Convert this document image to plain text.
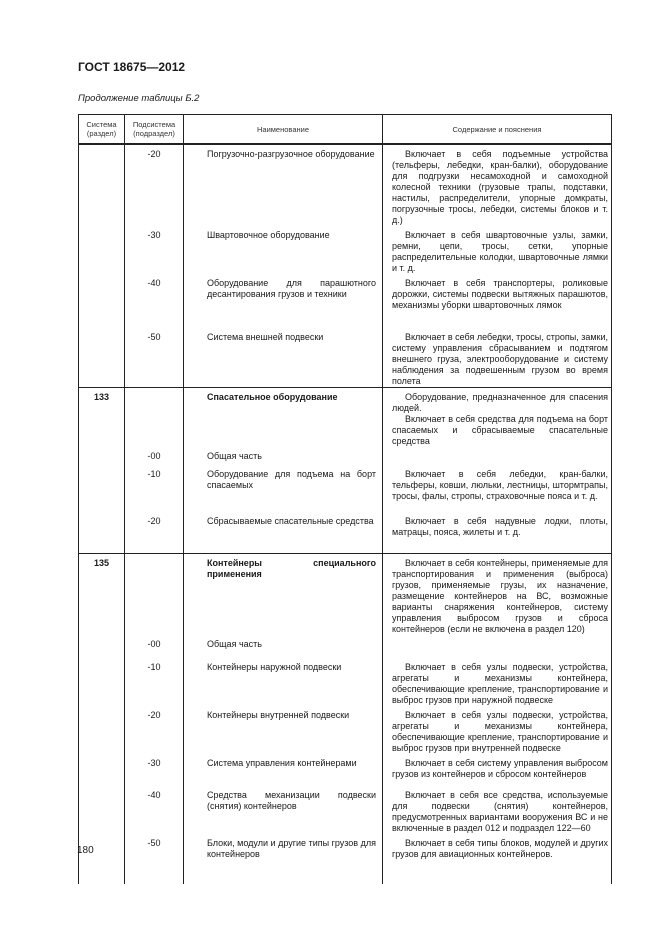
ГОСТ 18675—2012
Продолжение таблицы Б.2
Система (раздел)	Подсистема (подраздел)	Наименование	Содержание и пояснения
	-20	Погрузочно-разгрузочное оборудование	Включает в себя подъемные устройства (тельферы, лебедки, кран-балки), оборудование для подгрузки несамоходной и самоходной колесной техники (грузовые трапы, подставки, настилы, распределители, упорные домкраты, погрузочные тросы, лебедки, системы блоков и т. д.)

	-30	Швартовочное оборудование	Включает в себя швартовочные узлы, замки, ремни, цепи, тросы, сетки, упорные распределительные колодки, швартовочные лямки и т. д.

	-40	Оборудование для парашютного десантирования грузов и техники	Включает в себя транспортеры, роликовые дорожки, системы подвески вытяжных парашютов, механизмы уборки швартовочных лямок

	-50	Система внешней подвески	Включает в себя лебедки, тросы, стропы, замки, систему управления сбрасыванием и подтягом внешнего груза, электрооборудование и систему наблюдения за подвешенным грузом во время полета

133		Спасательное оборудование	Оборудование, предназначенное для спасения людей.
Включает в себя средства для подъема на борт спасаемых и сбрасываемые спасательные средства

	-00	Общая часть	
	-10	Оборудование для подъема на борт спасаемых	Включает в себя лебедки, кран-балки, тельферы, ковши, люльки, лестницы, штормтрапы, тросы, фалы, стропы, страховочные пояса и т. д.

	-20	Сбрасываемые спасательные средства	Включает в себя надувные лодки, плоты, матрацы, пояса, жилеты и т. д.

135		Контейнеры специального применения	Включает в себя контейнеры, применяемые для транспортирования и применения (выброса) грузов, применяемые грузы, их назначение, размещение контейнеров на ВС, возможные варианты снаряжения контейнеров, систему управления выбросом грузов и сброса контейнеров (если не включена в раздел 120)

	-00	Общая часть	
	-10	Контейнеры наружной подвески	Включает в себя узлы подвески, устройства, агрегаты и механизмы контейнера, обеспечивающие крепление, транспортирование и выброс грузов при наружной подвеске

	-20	Контейнеры внутренней подвески	Включает в себя узлы подвески, устройства, агрегаты и механизмы контейнера, обеспечивающие крепление, транспортирование и выброс грузов при внутренней подвеске

	-30	Система управления контейнерами	Включает в себя систему управления выбросом грузов из контейнеров и сбросом контейнеров

	-40	Средства механизации подвески (снятия) контейнеров	Включает в себя все средства, используемые для подвески (снятия) контейнеров, предусмотренных вариантами вооружения ВС и не включенные в раздел 012 и подраздел 122—60

	-50	Блоки, модули и другие типы грузов для контейнеров	Включает в себя типы блоков, модулей и других грузов для авиационных контейнеров.
180
